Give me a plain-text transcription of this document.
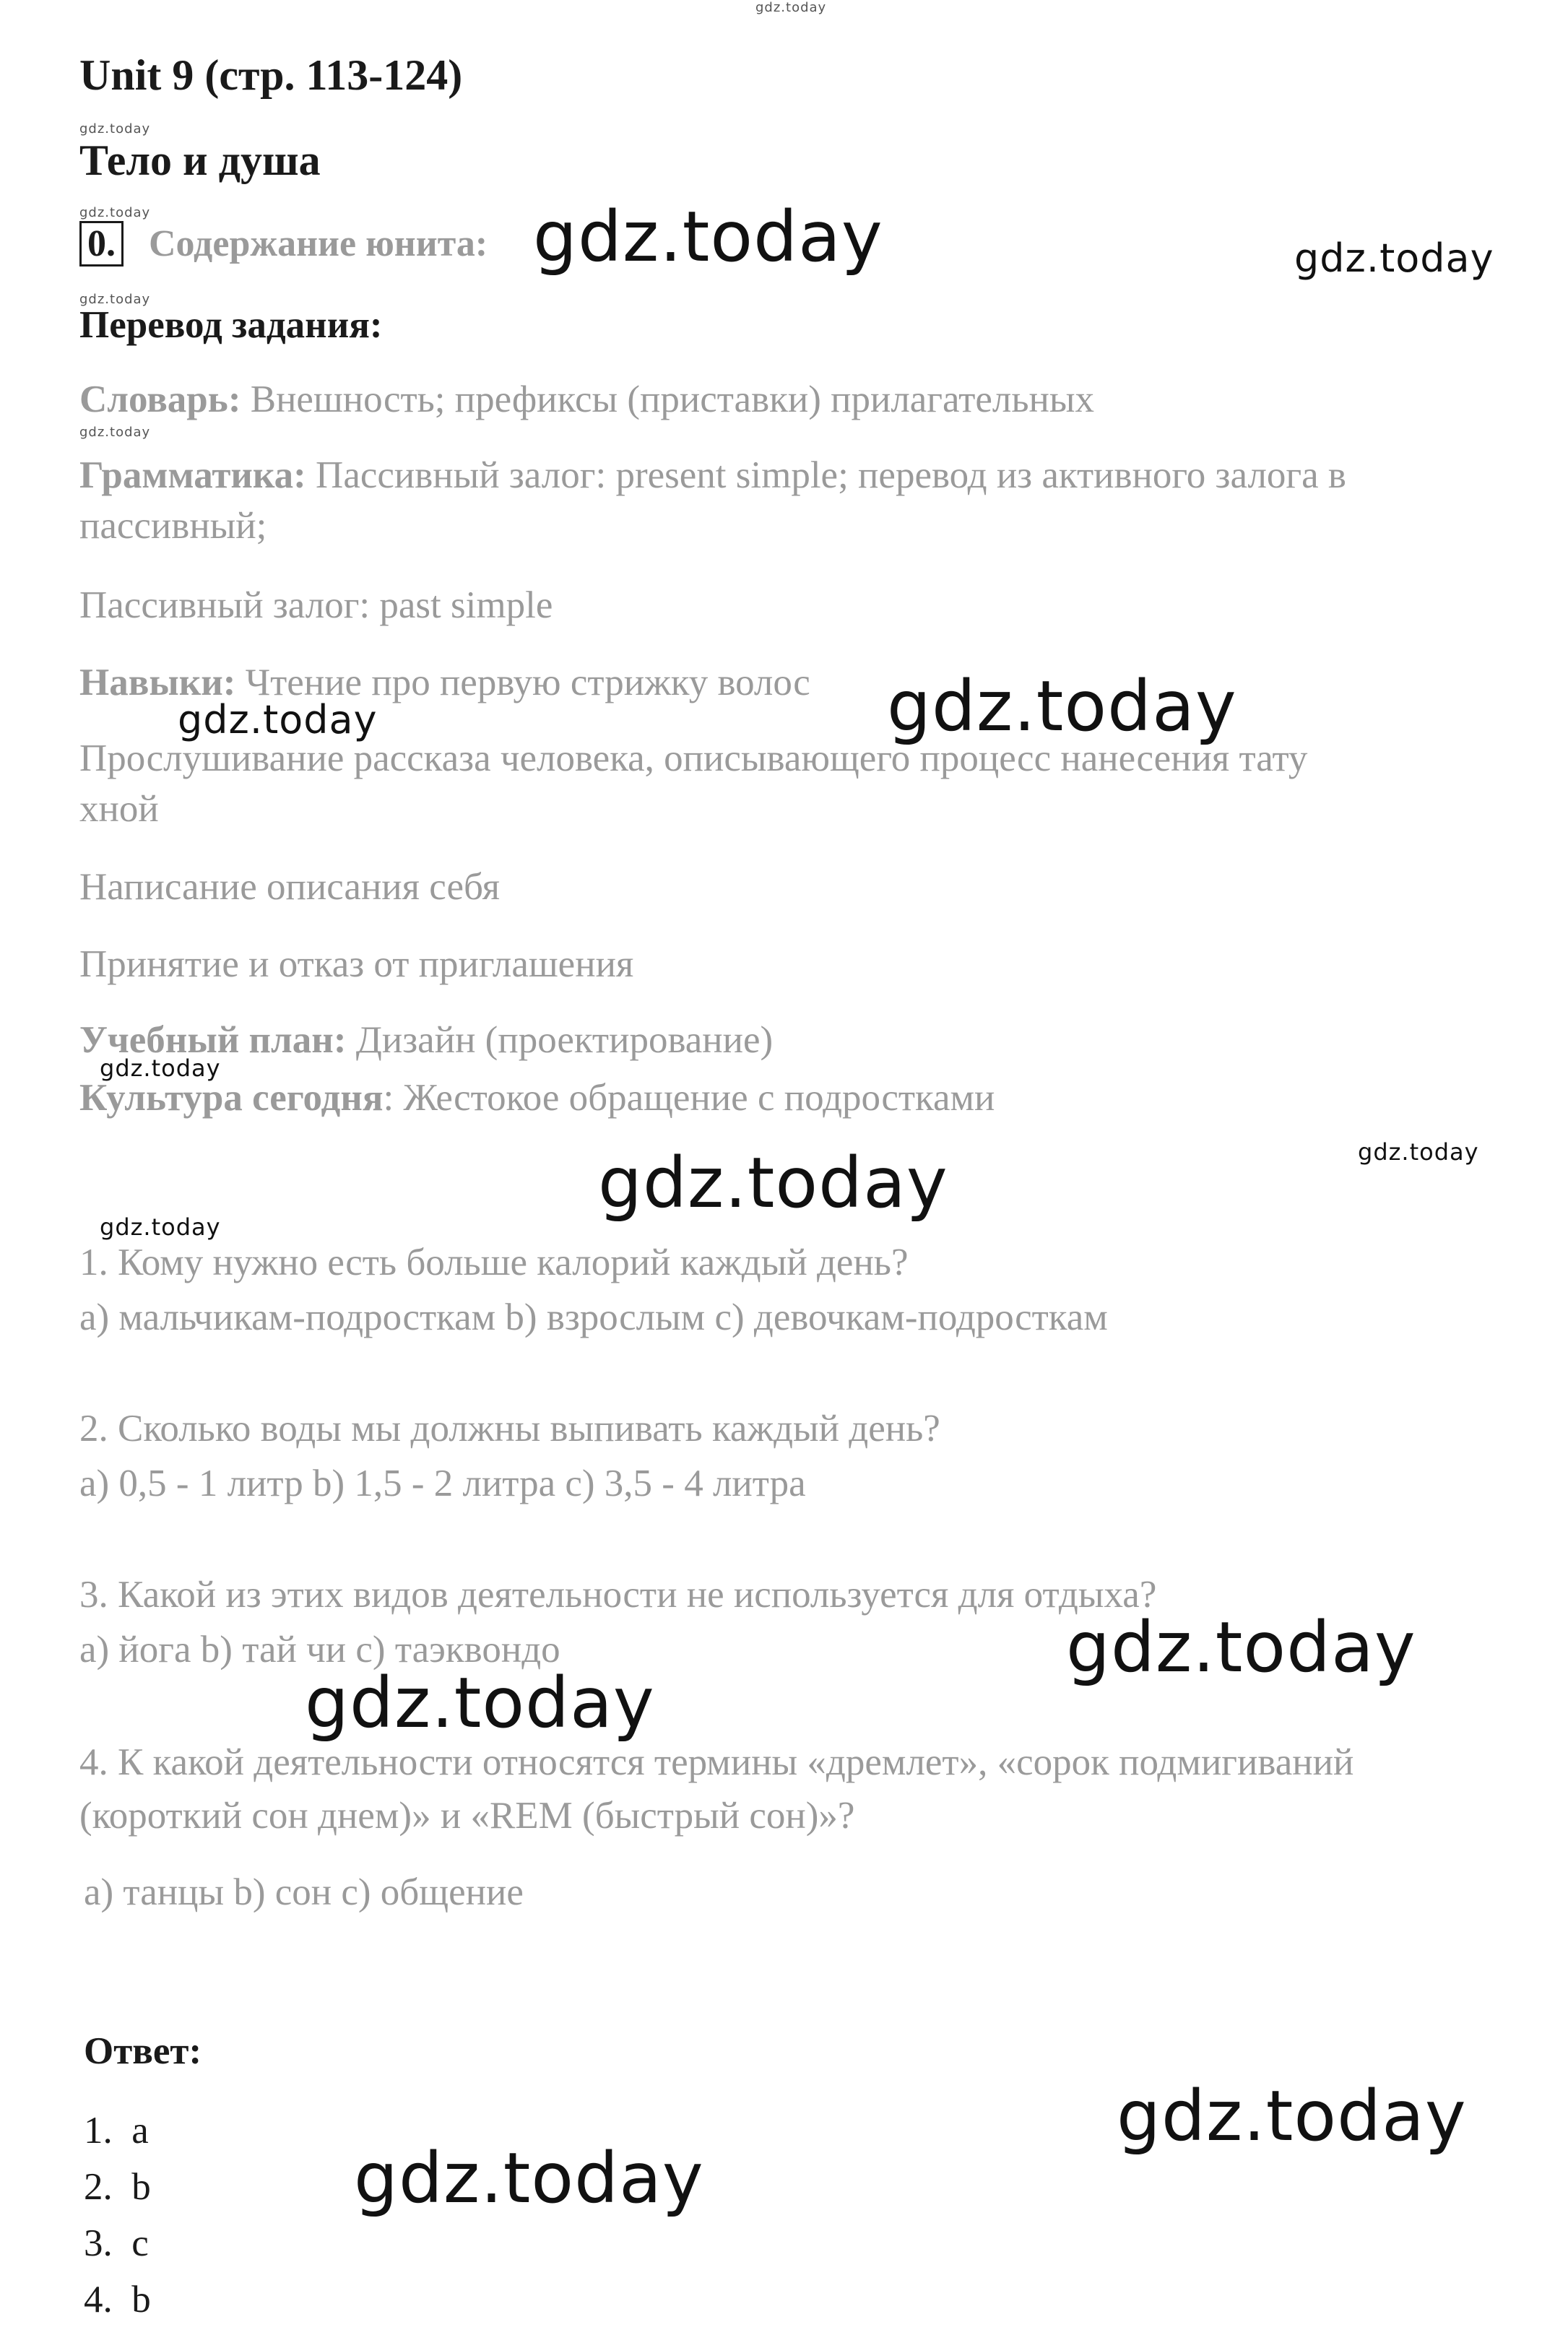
gdz.today
Unit 9 (стр. 113-124)
gdz.today
Тело и душа
gdz.today
0. Содержание юнита: gdz.today	gdz.today
gdz.today
Перевод задания:
Словарь: Внешность; префиксы (приставки) прилагательных
gdz.today
Грамматика: Пассивный залог: present simple; перевод из активного залога в
пассивный;
Пассивный залог: past simple
Навыки: Чтение про первую стрижку волос gdz.today
gdz.today
Прослушивание рассказа человека, описывающего процесс нанесения тату
хной
Написание описания себя
Принятие и отказ от приглашения
Учебный план: Дизайн (проектирование)
gdz.today
Культура сегодня: Жестокое обращение с подростками
gdz.today	gdz.today
gdz.today
1. Кому нужно есть больше калорий каждый день?
a) мальчикам-подросткам b) взрослым c) девочкам-подросткам
2. Сколько воды мы должны выпивать каждый день?
a) 0,5 - 1 литр b) 1,5 - 2 литра c) 3,5 - 4 литра
3. Какой из этих видов деятельности не используется для отдыха?
a) йога b) тай чи c) таэквондо	gdz.today
gdz.today
4. К какой деятельности относятся термины «дремлет», «сорок подмигиваний
(короткий сон днем)» и «REM (быстрый сон)»?
a) танцы b) сон c) общение
Ответ:
gdz.today
gdz.today
1.  a
2.  b
3.  c
4.  b
